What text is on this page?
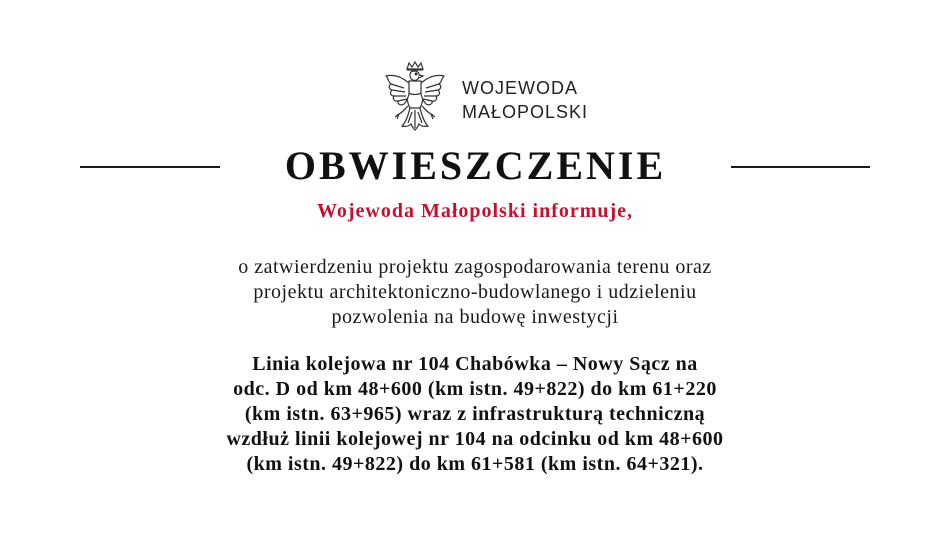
WOJEWODA
MAŁOPOLSKI
OBWIESZCZENIE
Wojewoda Małopolski informuje,
o zatwierdzeniu projektu zagospodarowania terenu oraz
projektu architektoniczno-budowlanego i udzieleniu
pozwolenia na budowę inwestycji
Linia kolejowa nr 104 Chabówka – Nowy Sącz na
odc. D od km 48+600 (km istn. 49+822) do km 61+220
(km istn. 63+965) wraz z infrastrukturą techniczną
wzdłuż linii kolejowej nr 104 na odcinku od km 48+600
(km istn. 49+822) do km 61+581 (km istn. 64+321).
